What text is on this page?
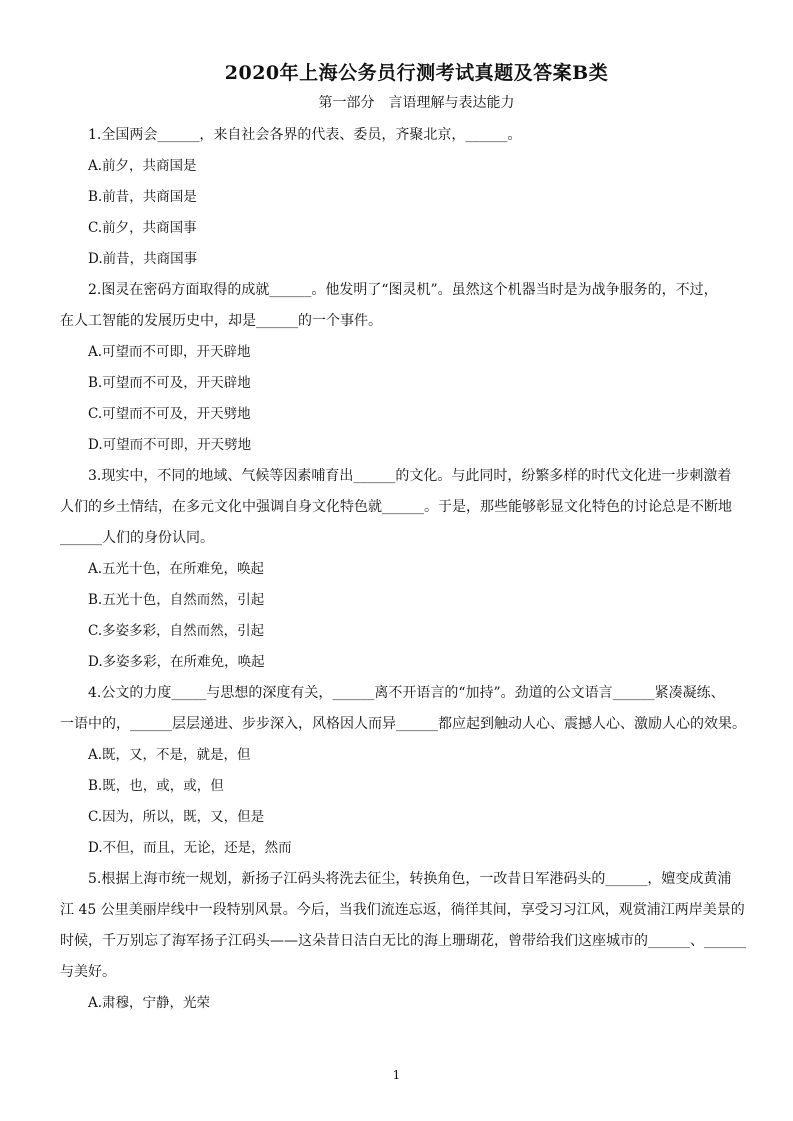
2020年上海公务员行测考试真题及答案B类
第一部分　言语理解与表达能力
1.全国两会______，来自社会各界的代表、委员，齐聚北京，______。
A.前夕，共商国是
B.前昔，共商国是
C.前夕，共商国事
D.前昔，共商国事
2.图灵在密码方面取得的成就______。他发明了“图灵机”。虽然这个机器当时是为战争服务的，不过，
在人工智能的发展历史中，却是______的一个事件。
A.可望而不可即，开天辟地
B.可望而不可及，开天辟地
C.可望而不可及，开天劈地
D.可望而不可即，开天劈地
3.现实中，不同的地域、气候等因素哺育出______的文化。与此同时，纷繁多样的时代文化进一步刺激着
人们的乡土情结，在多元文化中强调自身文化特色就______。于是，那些能够彰显文化特色的讨论总是不断地
______人们的身份认同。
A.五光十色，在所难免，唤起
B.五光十色，自然而然，引起
C.多姿多彩，自然而然，引起
D.多姿多彩，在所难免，唤起
4.公文的力度_____与思想的深度有关，______离不开语言的“加持”。劲道的公文语言______紧凑凝练、
一语中的，______层层递进、步步深入，风格因人而异______都应起到触动人心、震撼人心、激励人心的效果。
A.既，又，不是，就是，但
B.既，也，或，或，但
C.因为，所以，既，又，但是
D.不但，而且，无论，还是，然而
5.根据上海市统一规划，新扬子江码头将洗去征尘，转换角色，一改昔日军港码头的______，嬗变成黄浦
江 45 公里美丽岸线中一段特别风景。今后，当我们流连忘返，徜徉其间，享受习习江风，观赏浦江两岸美景的
时候，千万别忘了海军扬子江码头——这朵昔日洁白无比的海上珊瑚花，曾带给我们这座城市的______、______
与美好。
A.肃穆，宁静，光荣
1
